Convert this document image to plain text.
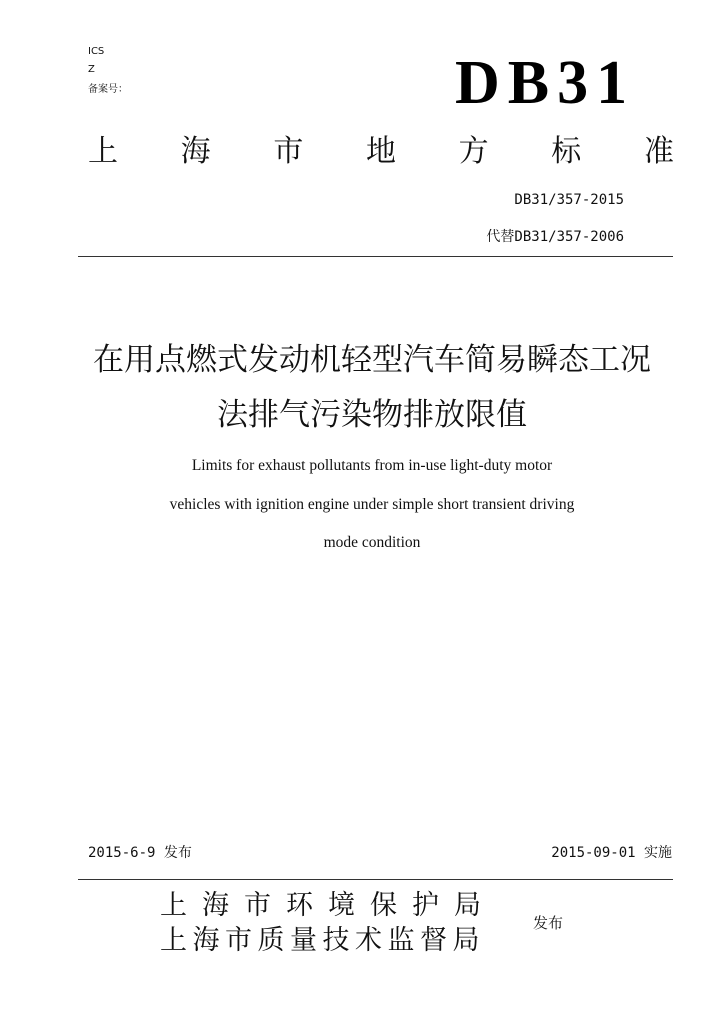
ICS
Z
备案号：	DB31
上 海 市 地 方 标 准
DB31/357-2015
代替DB31/357-2006
在用点燃式发动机轻型汽车简易瞬态工况
法排气污染物排放限值
Limits for exhaust pollutants from in-use light-duty motor
vehicles with ignition engine under simple short transient driving
mode condition
2015-6-9 发布	2015-09-01 实施
上海市环境保护局
上海市质量技术监督局
发布
